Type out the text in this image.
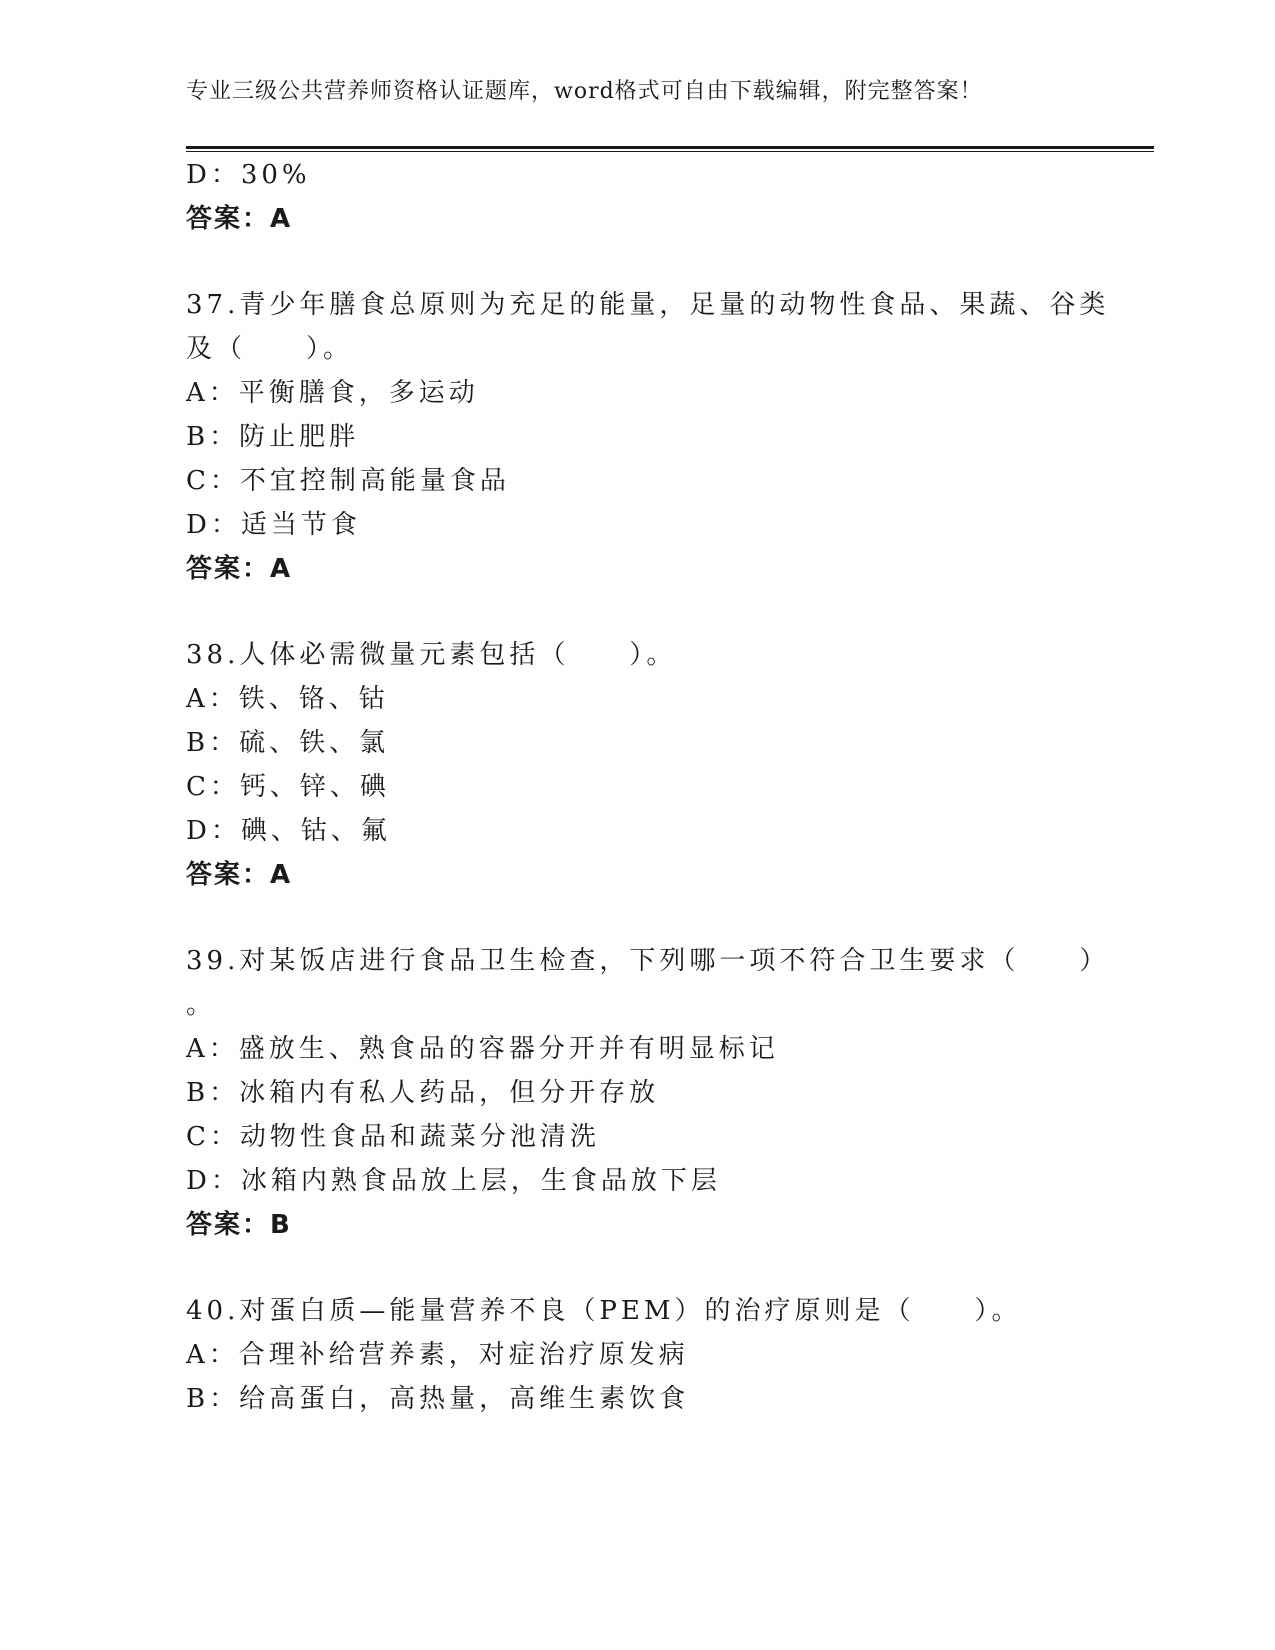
专业三级公共营养师资格认证题库，word格式可自由下载编辑，附完整答案！
D：30%
答案：A
37.青少年膳食总原则为充足的能量，足量的动物性食品、果蔬、谷类
及（　　）。
A：平衡膳食，多运动
B：防止肥胖
C：不宜控制高能量食品
D：适当节食
答案：A
38.人体必需微量元素包括（　　）。
A：铁、铬、钴
B：硫、铁、氯
C：钙、锌、碘
D：碘、钴、氟
答案：A
39.对某饭店进行食品卫生检查，下列哪一项不符合卫生要求（　　）
。
A：盛放生、熟食品的容器分开并有明显标记
B：冰箱内有私人药品，但分开存放
C：动物性食品和蔬菜分池清洗
D：冰箱内熟食品放上层，生食品放下层
答案：B
40.对蛋白质—能量营养不良（PEM）的治疗原则是（　　）。
A：合理补给营养素，对症治疗原发病
B：给高蛋白，高热量，高维生素饮食
